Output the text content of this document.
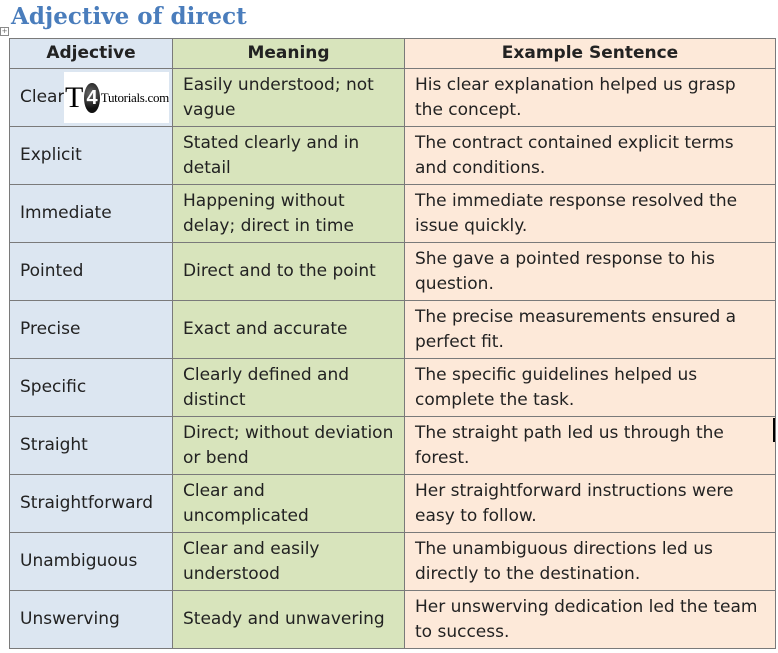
Adjective of direct
+
Adjective	Meaning	Example Sentence
Clear T 4 Tutorials.com	Easily understood; not vague	His clear explanation helped us grasp the concept.
Explicit	Stated clearly and in detail	The contract contained explicit terms and conditions.
Immediate	Happening without delay; direct in time	The immediate response resolved the issue quickly.
Pointed	Direct and to the point	She gave a pointed response to his question.
Precise	Exact and accurate	The precise measurements ensured a perfect fit.
Specific	Clearly defined and distinct	The specific guidelines helped us complete the task.
Straight	Direct; without deviation or bend	The straight path led us through the forest.
Straightforward	Clear and uncomplicated	Her straightforward instructions were easy to follow.
Unambiguous	Clear and easily understood	The unambiguous directions led us directly to the destination.
Unswerving	Steady and unwavering	Her unswerving dedication led the team to success.
